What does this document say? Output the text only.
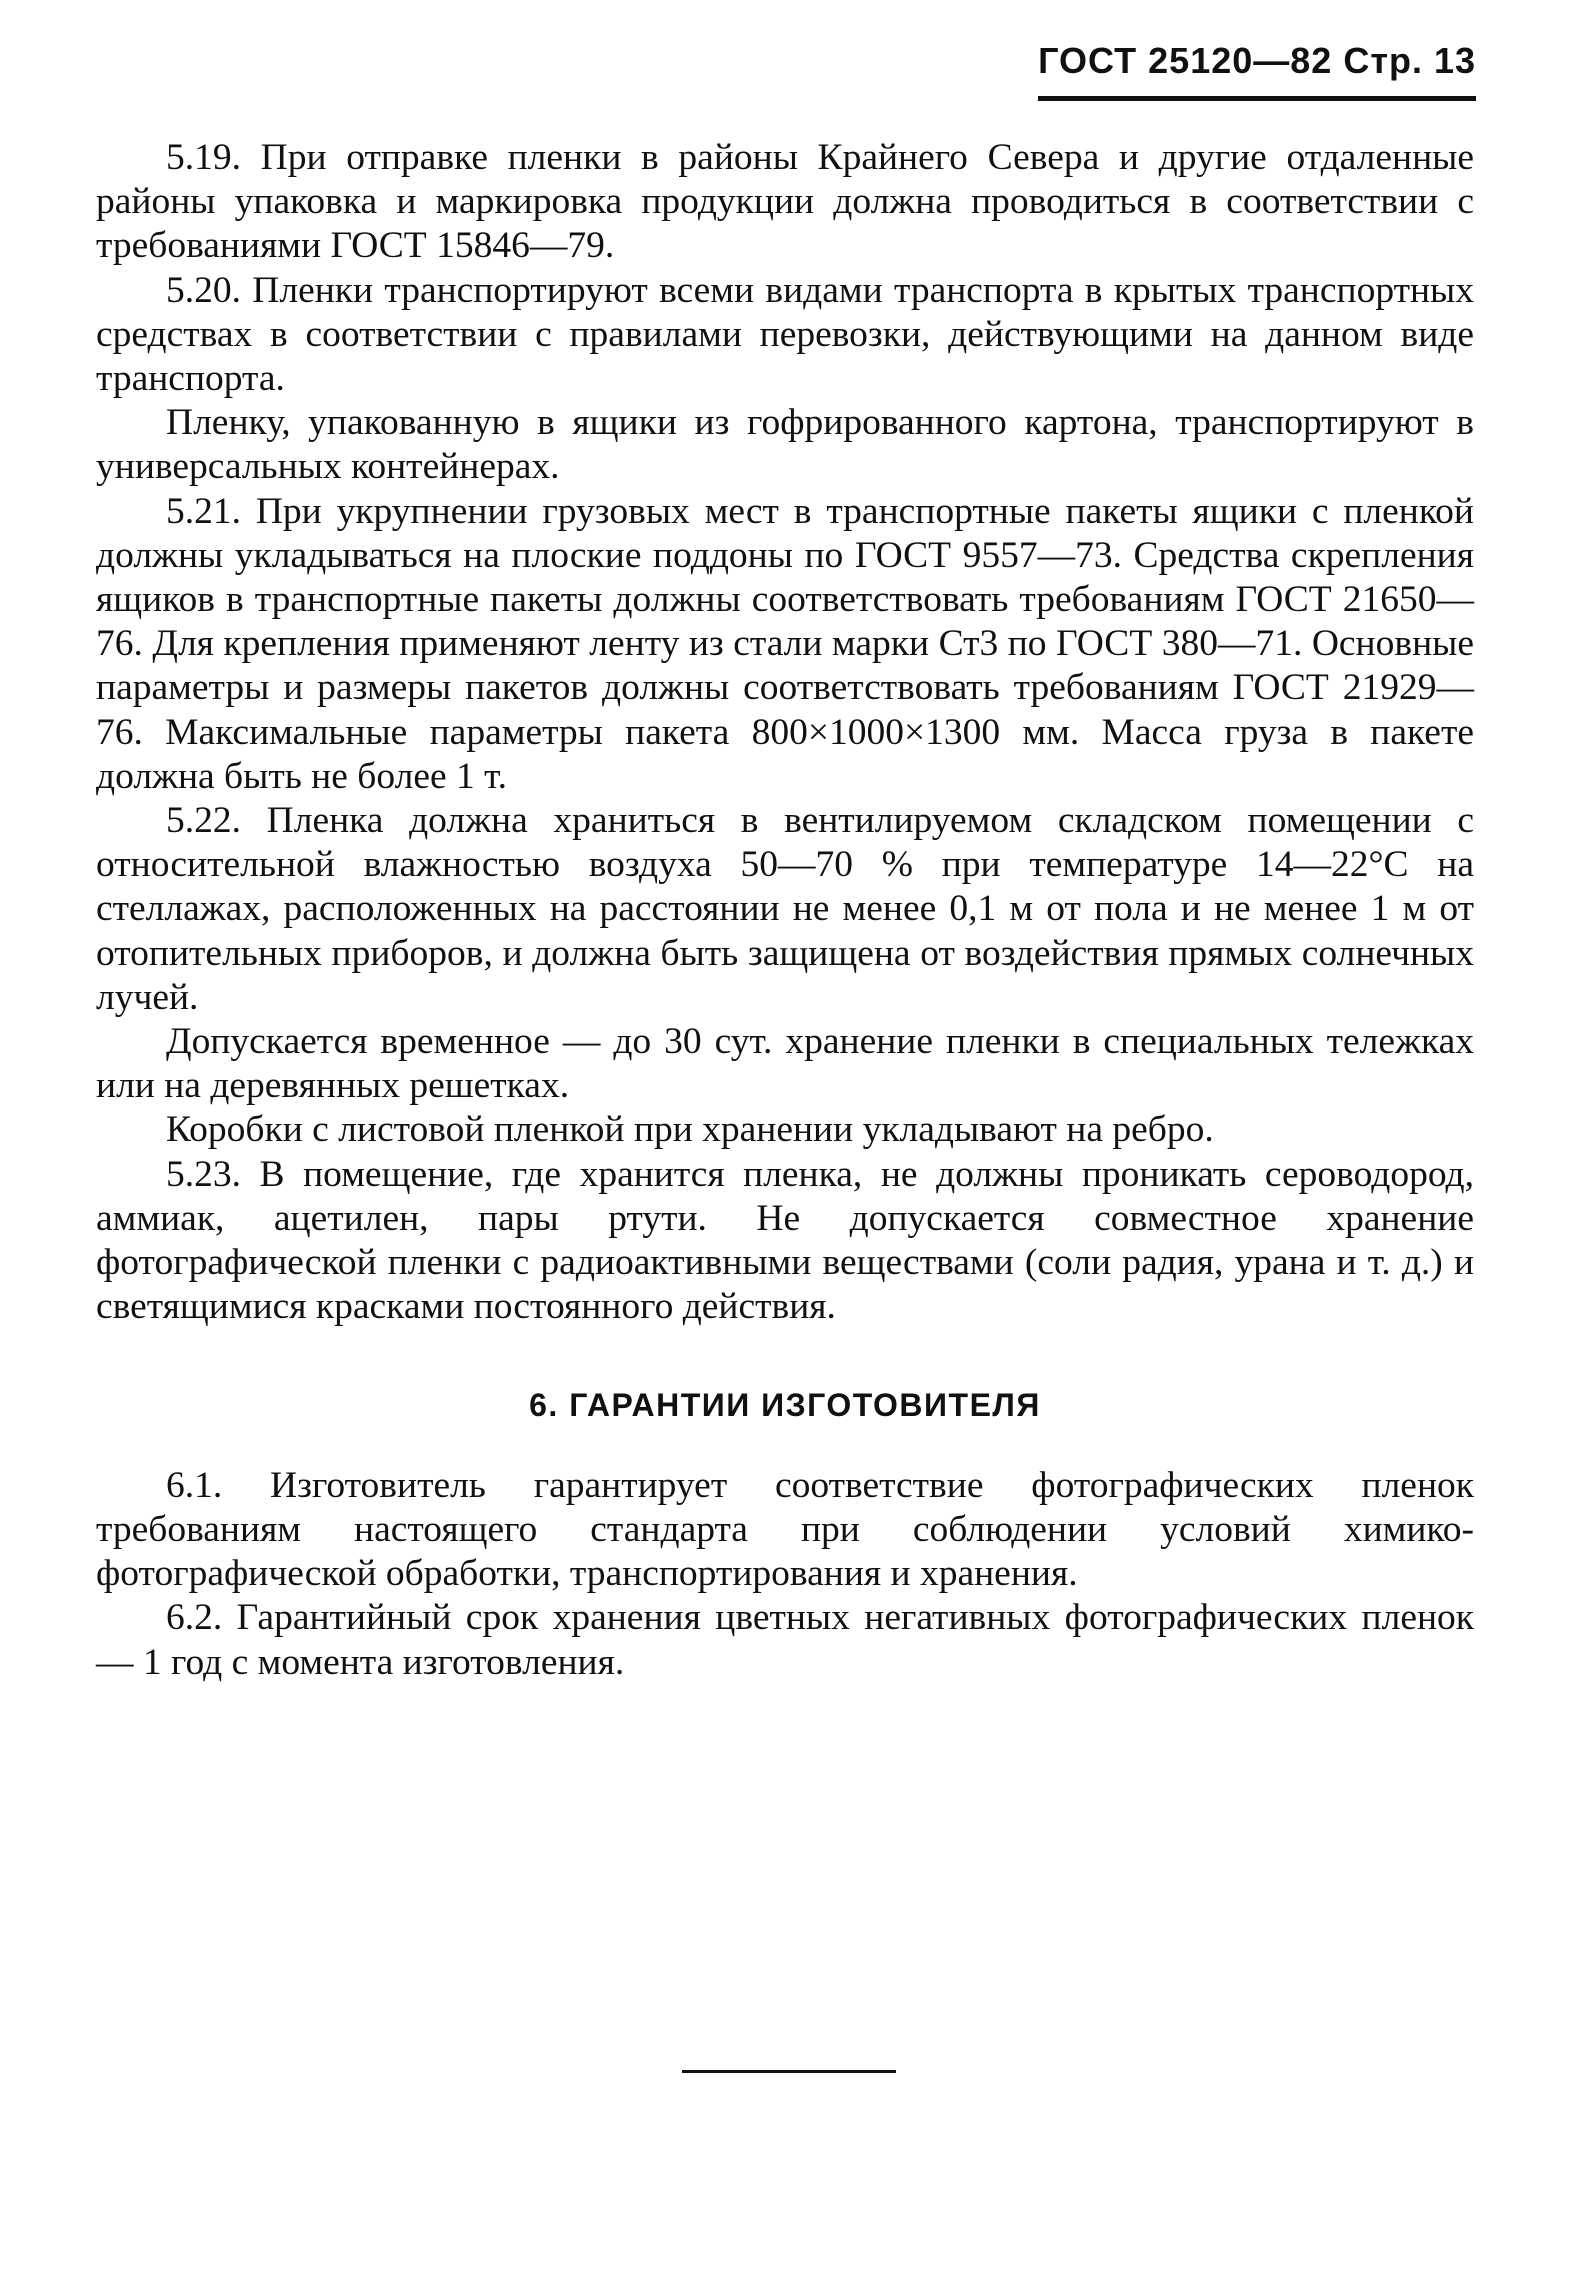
ГОСТ 25120—82 Стр. 13

5.19. При отправке пленки в районы Крайнего Севера и другие отдаленные районы упаковка и маркировка продукции должна проводиться в соответствии с требованиями ГОСТ 15846—79.

5.20. Пленки транспортируют всеми видами транспорта в крытых транспортных средствах в соответствии с правилами перевозки, действующими на данном виде транспорта.

Пленку, упакованную в ящики из гофрированного картона, транспортируют в универсальных контейнерах.

5.21. При укрупнении грузовых мест в транспортные пакеты ящики с пленкой должны укладываться на плоские поддоны по ГОСТ 9557—73. Средства скрепления ящиков в транспортные пакеты должны соответствовать требованиям ГОСТ 21650—76. Для крепления применяют ленту из стали марки Ст3 по ГОСТ 380—71. Основные параметры и размеры пакетов должны соответствовать требованиям ГОСТ 21929—76. Максимальные параметры пакета 800×1000×1300 мм. Масса груза в пакете должна быть не более 1 т.

5.22. Пленка должна храниться в вентилируемом складском помещении с относительной влажностью воздуха 50—70 % при температуре 14—22°С на стеллажах, расположенных на расстоянии не менее 0,1 м от пола и не менее 1 м от отопительных приборов, и должна быть защищена от воздействия прямых солнечных лучей.

Допускается временное — до 30 сут. хранение пленки в специальных тележках или на деревянных решетках.

Коробки с листовой пленкой при хранении укладывают на ребро.

5.23. В помещение, где хранится пленка, не должны проникать сероводород, аммиак, ацетилен, пары ртути. Не допускается совместное хранение фотографической пленки с радиоактивными веществами (соли радия, урана и т. д.) и светящимися красками постоянного действия.

6. ГАРАНТИИ ИЗГОТОВИТЕЛЯ

6.1. Изготовитель гарантирует соответствие фотографических пленок требованиям настоящего стандарта при соблюдении условий химико-фотографической обработки, транспортирования и хранения.

6.2. Гарантийный срок хранения цветных негативных фотографических пленок — 1 год с момента изготовления.
